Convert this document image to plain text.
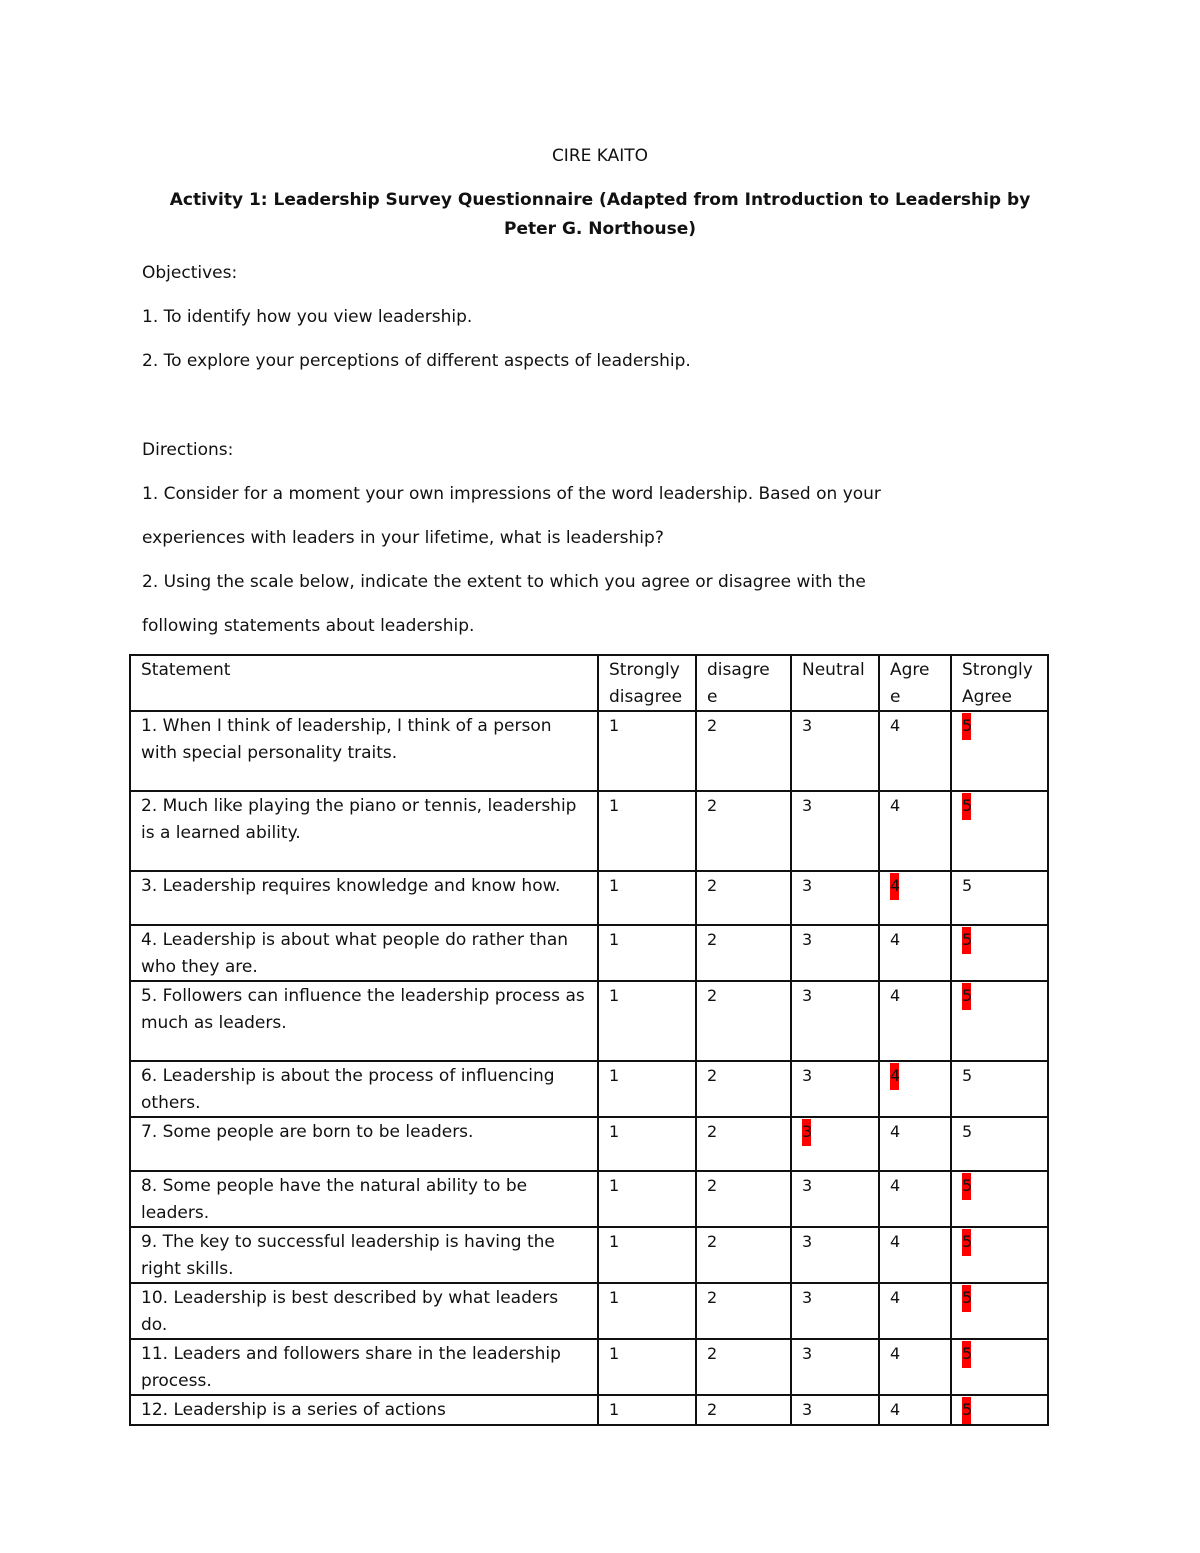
CIRE KAITO
Activity 1: Leadership Survey Questionnaire (Adapted from Introduction to Leadership by Peter G. Northouse)
Objectives:
1. To identify how you view leadership.
2. To explore your perceptions of different aspects of leadership.
Directions:
1. Consider for a moment your own impressions of the word leadership. Based on your
experiences with leaders in your lifetime, what is leadership?
2. Using the scale below, indicate the extent to which you agree or disagree with the
following statements about leadership.
Statement	Strongly disagree	disagre e	Neutral	Agre e	Strongly Agree
1. When I think of leadership, I think of a person with special personality traits.	1	2	3	4	5
2. Much like playing the piano or tennis, leadership is a learned ability.	1	2	3	4	5
3. Leadership requires knowledge and know how.	1	2	3	4	5
4. Leadership is about what people do rather than who they are.	1	2	3	4	5
5. Followers can influence the leadership process as much as leaders.	1	2	3	4	5
6. Leadership is about the process of influencing others.	1	2	3	4	5
7. Some people are born to be leaders.	1	2	3	4	5
8. Some people have the natural ability to be leaders.	1	2	3	4	5
9. The key to successful leadership is having the right skills.	1	2	3	4	5
10. Leadership is best described by what leaders do.	1	2	3	4	5
11. Leaders and followers share in the leadership process.	1	2	3	4	5
12. Leadership is a series of actions	1	2	3	4	5
